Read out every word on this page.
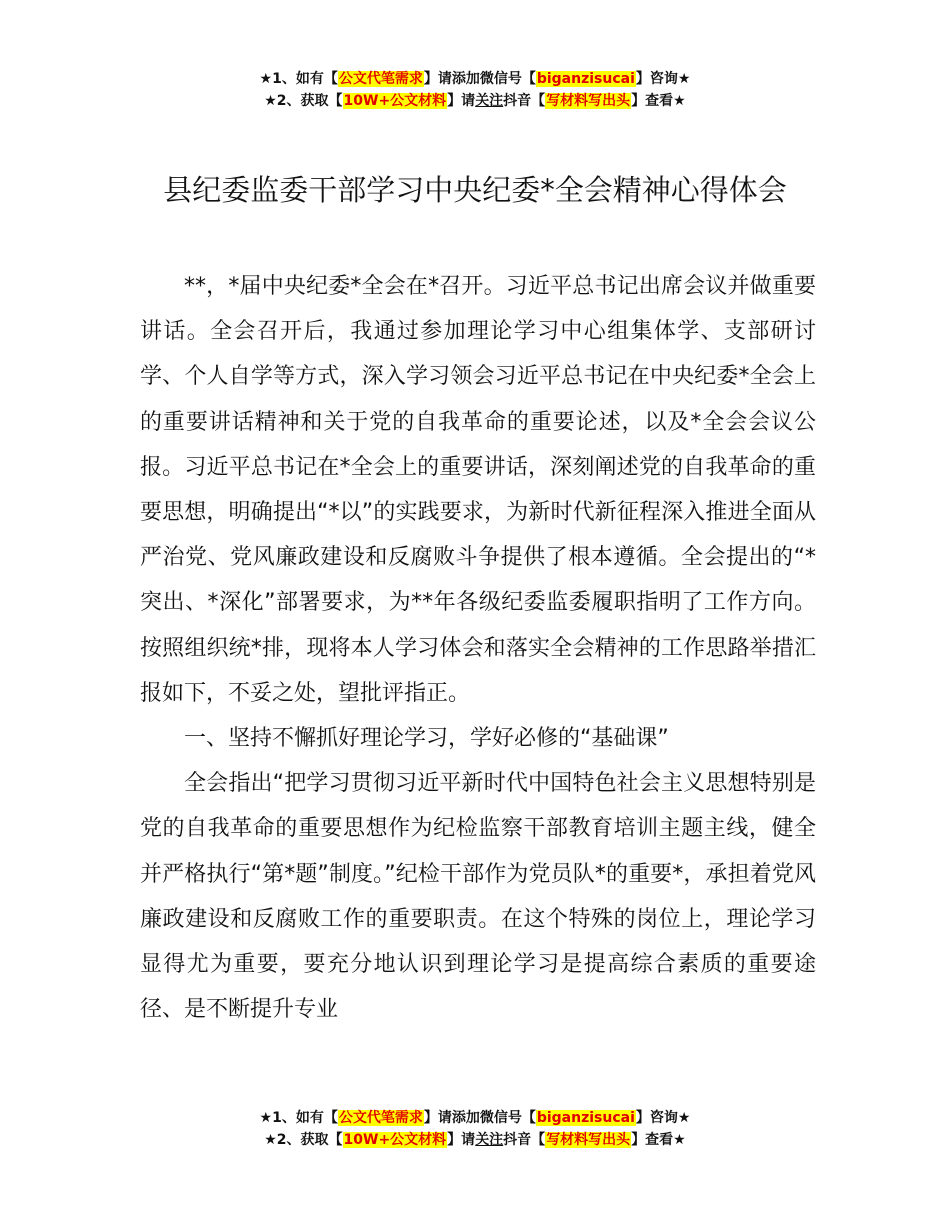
★1、如有【公文代笔需求】请添加微信号【biganzisucai】咨询★
★2、获取【10W+公文材料】请关注抖音【写材料写出头】查看★
县纪委监委干部学习中央纪委*全会精神心得体会

**，*届中央纪委*全会在*召开。习近平总书记出席会议并做重要讲话。全会召开后，我通过参加理论学习中心组集体学、支部研讨学、个人自学等方式，深入学习领会习近平总书记在中央纪委*全会上的重要讲话精神和关于党的自我革命的重要论述，以及*全会会议公报。习近平总书记在*全会上的重要讲话，深刻阐述党的自我革命的重要思想，明确提出“*以”的实践要求，为新时代新征程深入推进全面从严治党、党风廉政建设和反腐败斗争提供了根本遵循。全会提出的“*突出、*深化”部署要求，为**年各级纪委监委履职指明了工作方向。按照组织统*排，现将本人学习体会和落实全会精神的工作思路举措汇报如下，不妥之处，望批评指正。

一、坚持不懈抓好理论学习，学好必修的“基础课”

全会指出“把学习贯彻习近平新时代中国特色社会主义思想特别是党的自我革命的重要思想作为纪检监察干部教育培训主题主线，健全并严格执行“第*题”制度。”纪检干部作为党员队*的重要*，承担着党风廉政建设和反腐败工作的重要职责。在这个特殊的岗位上，理论学习显得尤为重要，要充分地认识到理论学习是提高综合素质的重要途径、是不断提升专业

★1、如有【公文代笔需求】请添加微信号【biganzisucai】咨询★
★2、获取【10W+公文材料】请关注抖音【写材料写出头】查看★
